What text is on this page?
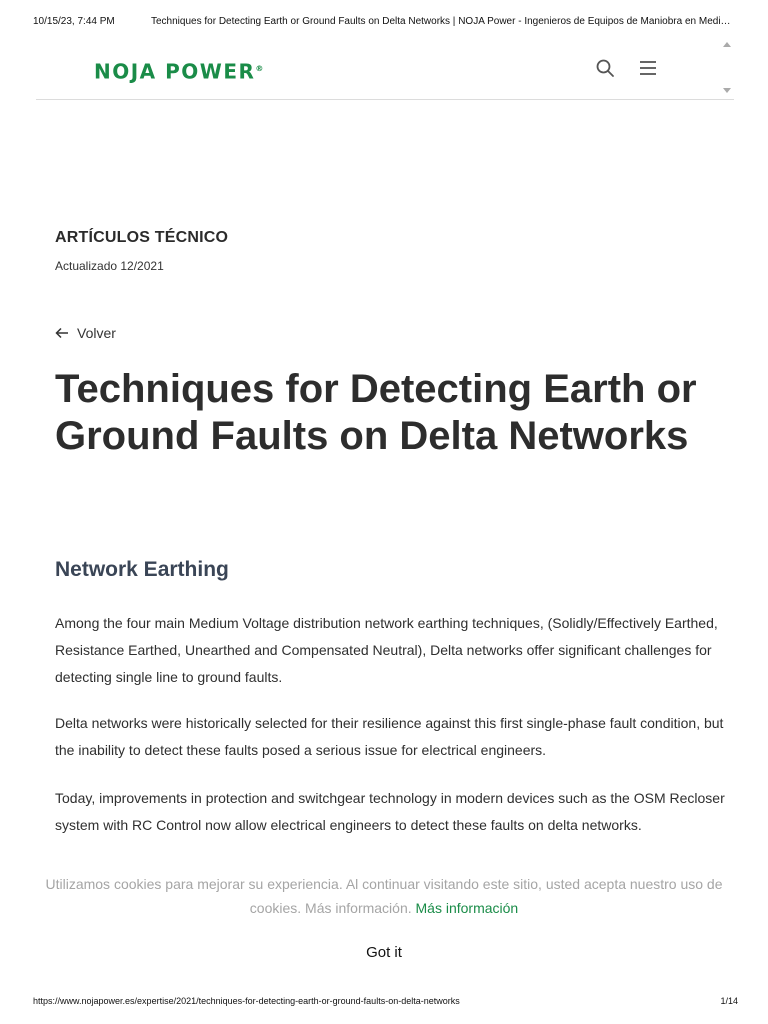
10/15/23, 7:44 PM	Techniques for Detecting Earth or Ground Faults on Delta Networks | NOJA Power - Ingenieros de Equipos de Maniobra en Medi…
NOJA POWER®
ARTÍCULOS TÉCNICO
Actualizado 12/2021
Volver
Techniques for Detecting Earth or Ground Faults on Delta Networks
Network Earthing

Among the four main Medium Voltage distribution network earthing techniques, (Solidly/Effectively Earthed, Resistance Earthed, Unearthed and Compensated Neutral), Delta networks offer significant challenges for detecting single line to ground faults.

Delta networks were historically selected for their resilience against this first single-phase fault condition, but the inability to detect these faults posed a serious issue for electrical engineers.

Today, improvements in protection and switchgear technology in modern devices such as the OSM Recloser system with RC Control now allow electrical engineers to detect these faults on delta networks.

Utilizamos cookies para mejorar su experiencia. Al continuar visitando este sitio, usted acepta nuestro uso de cookies. Más información. Más información
Got it
https://www.nojapower.es/expertise/2021/techniques-for-detecting-earth-or-ground-faults-on-delta-networks	1/14
